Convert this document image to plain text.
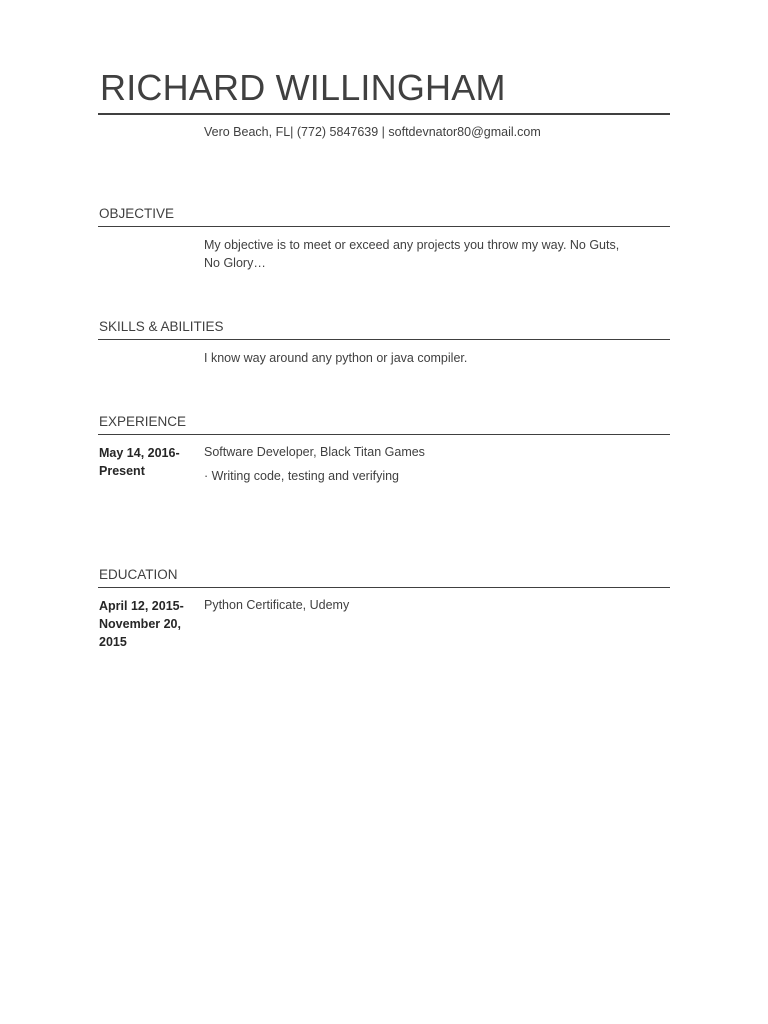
RICHARD WILLINGHAM
Vero Beach, FL| (772) 5847639 | softdevnator80@gmail.com
OBJECTIVE
My objective is to meet or exceed any projects you throw my way. No Guts, No Glory…
SKILLS & ABILITIES
I know way around any python or java compiler.
EXPERIENCE
May 14, 2016-Present
Software Developer, Black Titan Games
· Writing code, testing and verifying
EDUCATION
April 12, 2015-November 20, 2015
Python Certificate, Udemy
